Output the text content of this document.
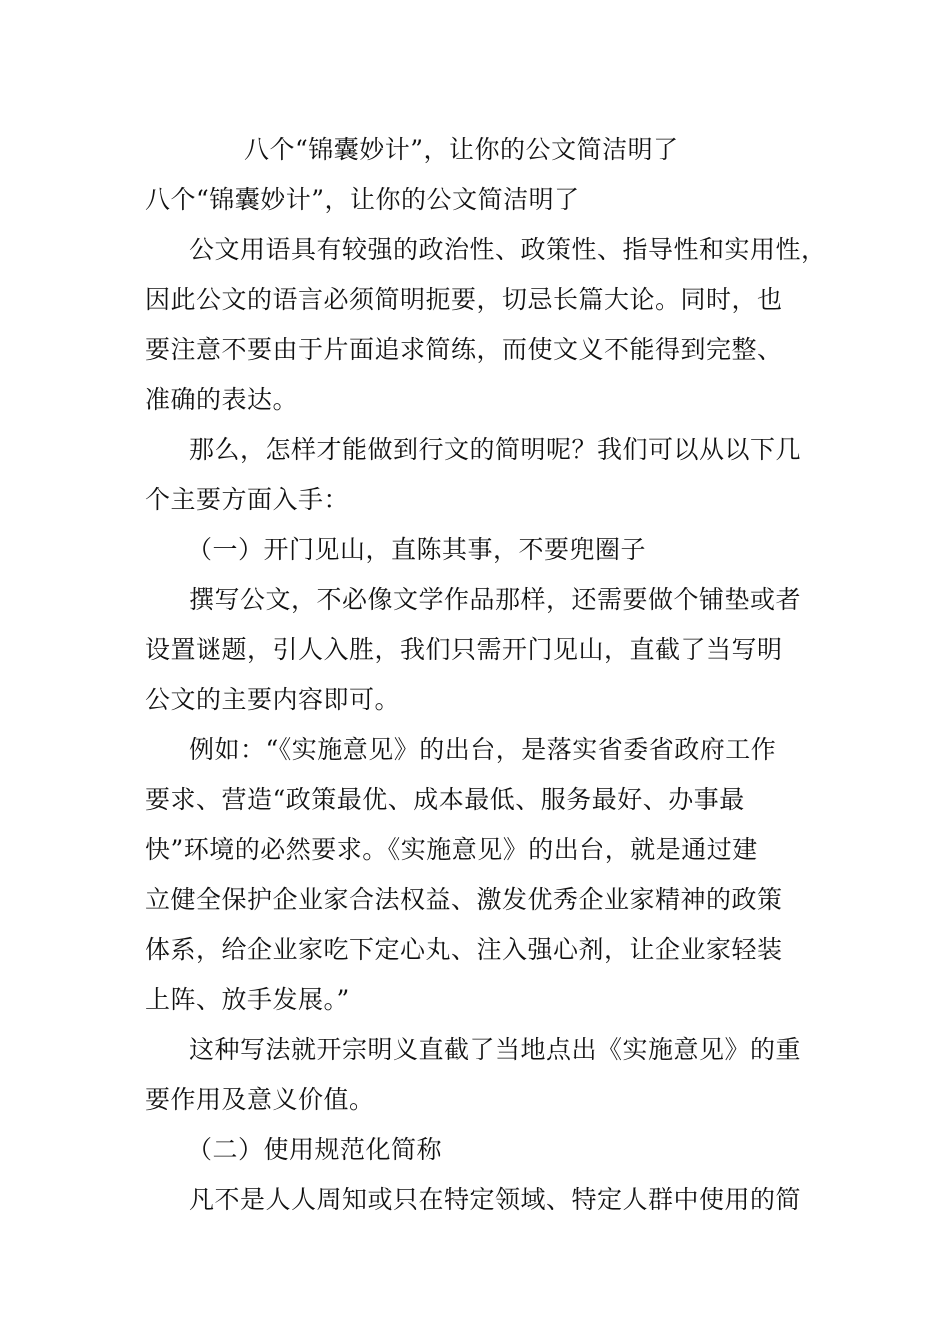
八个“锦囊妙计”，让你的公文简洁明了
八个“锦囊妙计”，让你的公文简洁明了
公文用语具有较强的政治性、政策性、指导性和实用性，
因此公文的语言必须简明扼要，切忌长篇大论。同时，也
要注意不要由于片面追求简练，而使文义不能得到完整、
准确的表达。
那么，怎样才能做到行文的简明呢？我们可以从以下几
个主要方面入手：
（一）开门见山，直陈其事，不要兜圈子
撰写公文，不必像文学作品那样，还需要做个铺垫或者
设置谜题，引人入胜，我们只需开门见山，直截了当写明
公文的主要内容即可。
例如：“《实施意见》的出台，是落实省委省政府工作
要求、营造“政策最优、成本最低、服务最好、办事最
快”环境的必然要求。《实施意见》的出台，就是通过建
立健全保护企业家合法权益、激发优秀企业家精神的政策
体系，给企业家吃下定心丸、注入强心剂，让企业家轻装
上阵、放手发展。”
这种写法就开宗明义直截了当地点出《实施意见》的重
要作用及意义价值。
（二）使用规范化简称
凡不是人人周知或只在特定领域、特定人群中使用的简
